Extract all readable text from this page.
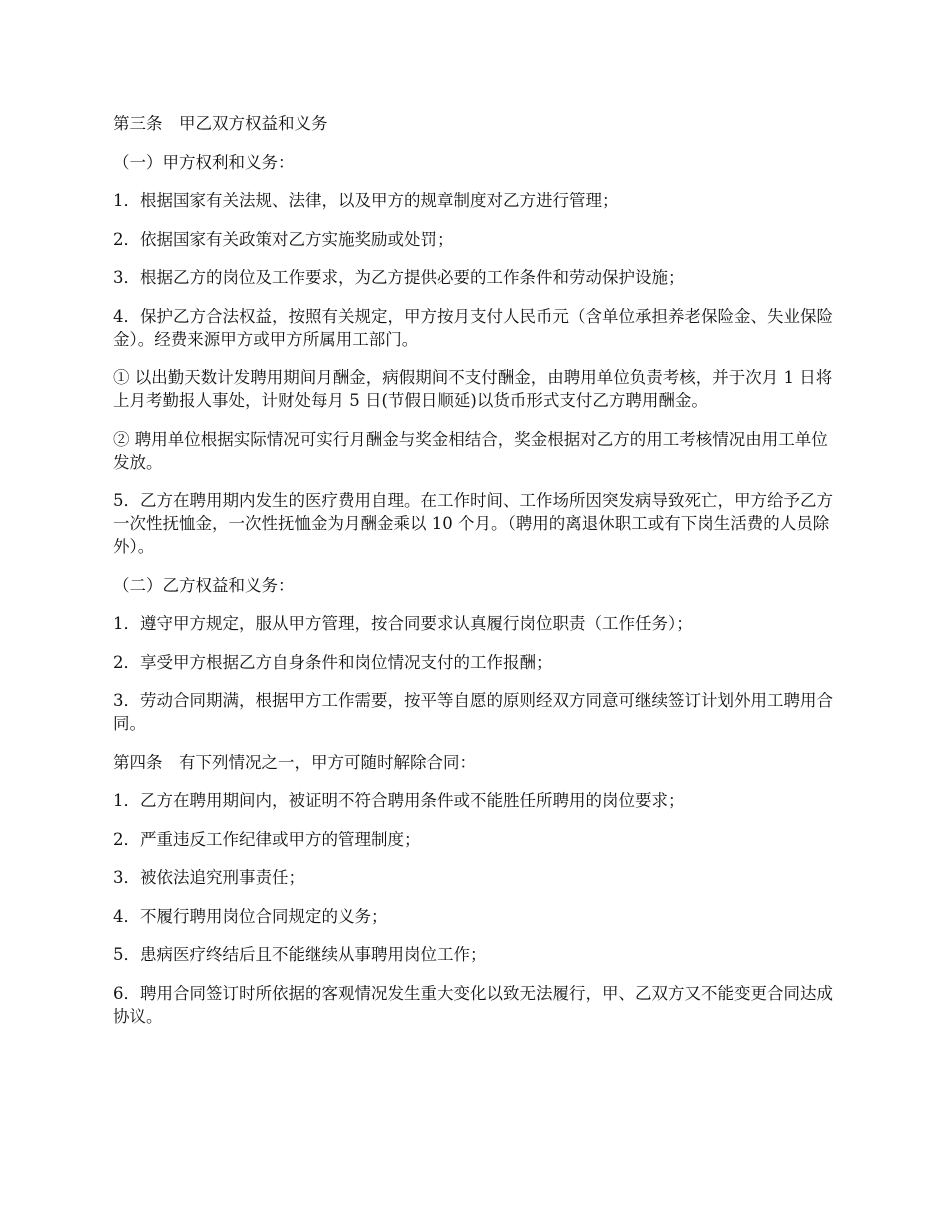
第三条　甲乙双方权益和义务

（一）甲方权利和义务：

1．根据国家有关法规、法律，以及甲方的规章制度对乙方进行管理；

2．依据国家有关政策对乙方实施奖励或处罚；

3．根据乙方的岗位及工作要求，为乙方提供必要的工作条件和劳动保护设施；

4．保护乙方合法权益，按照有关规定，甲方按月支付人民币元（含单位承担养老保险金、失业保险金）。经费来源甲方或甲方所属用工部门。

① 以出勤天数计发聘用期间月酬金，病假期间不支付酬金，由聘用单位负责考核，并于次月 1 日将上月考勤报人事处，计财处每月 5 日(节假日顺延)以货币形式支付乙方聘用酬金。

② 聘用单位根据实际情况可实行月酬金与奖金相结合，奖金根据对乙方的用工考核情况由用工单位发放。

5．乙方在聘用期内发生的医疗费用自理。在工作时间、工作场所因突发病导致死亡，甲方给予乙方一次性抚恤金，一次性抚恤金为月酬金乘以 10 个月。（聘用的离退休职工或有下岗生活费的人员除外）。

（二）乙方权益和义务：

1．遵守甲方规定，服从甲方管理，按合同要求认真履行岗位职责（工作任务）；

2．享受甲方根据乙方自身条件和岗位情况支付的工作报酬；

3．劳动合同期满，根据甲方工作需要，按平等自愿的原则经双方同意可继续签订计划外用工聘用合同。

第四条　有下列情况之一，甲方可随时解除合同：

1．乙方在聘用期间内，被证明不符合聘用条件或不能胜任所聘用的岗位要求；

2．严重违反工作纪律或甲方的管理制度；

3．被依法追究刑事责任；

4．不履行聘用岗位合同规定的义务；

5．患病医疗终结后且不能继续从事聘用岗位工作；

6．聘用合同签订时所依据的客观情况发生重大变化以致无法履行，甲、乙双方又不能变更合同达成协议。
